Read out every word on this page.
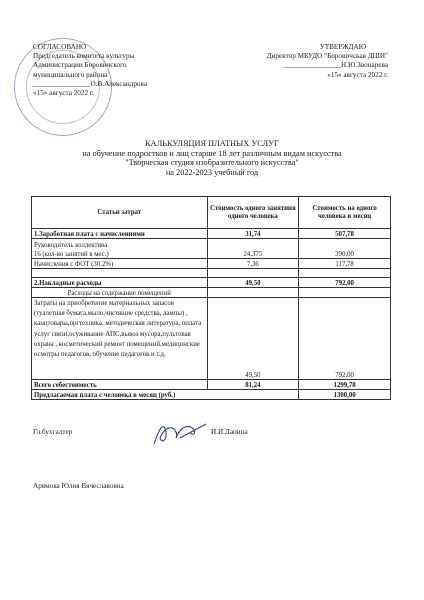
СОГЛАСОВАНО
Председатель комитета культуры
Администрации Боровичского
муниципального района
________________О.В.Александрова
«15» августа 2022 г.
УТВЕРЖДАЮ
Директор МБУДО "Боровичская ДШИ"
________________Н.Ю.Звонарева
«15» августа 2022 г.
КАЛЬКУЛЯЦИЯ ПЛАТНЫХ УСЛУГ
на обучение подростков и лиц старше 18 лет различным видам искусства
"Творческая студия изобразительного искусства"
на 2022-2023 учебный год
Статьи затрат	Стоимость одного занятиня одного человека	Стоимость на одного человека в месяц
1.Заработная плата с начислениями	31,74	507,78
Руководитель коллектива		
16 (кол-во занятий в мес.)	24,375	390,00
Начисления с ФОТ (30.2%)	7,36	117,78

2.Накладные расходы	49,50	792,00
Расходы на содержание помещений		
Затраты на приобретение материальных запасов (туалетная бумага,мыло,чистящие средства, лампы) , канцтовары,оргтехника, методическая литература, оплата услуг связи,осуживание АПС,вывоз мусора,пультовая охрана , косметический ремонт помещений,медицинские осмотры педагогов, обучение педагогов и т.д.	49,50	792,00
Всего себестоимость	81,24	1299,78
Предлагаемая плата с человека в месяц (руб.)		1300,00
Гл.бухгалтер	И.И.Лапина
Арямова Юлия Вячеславовна
